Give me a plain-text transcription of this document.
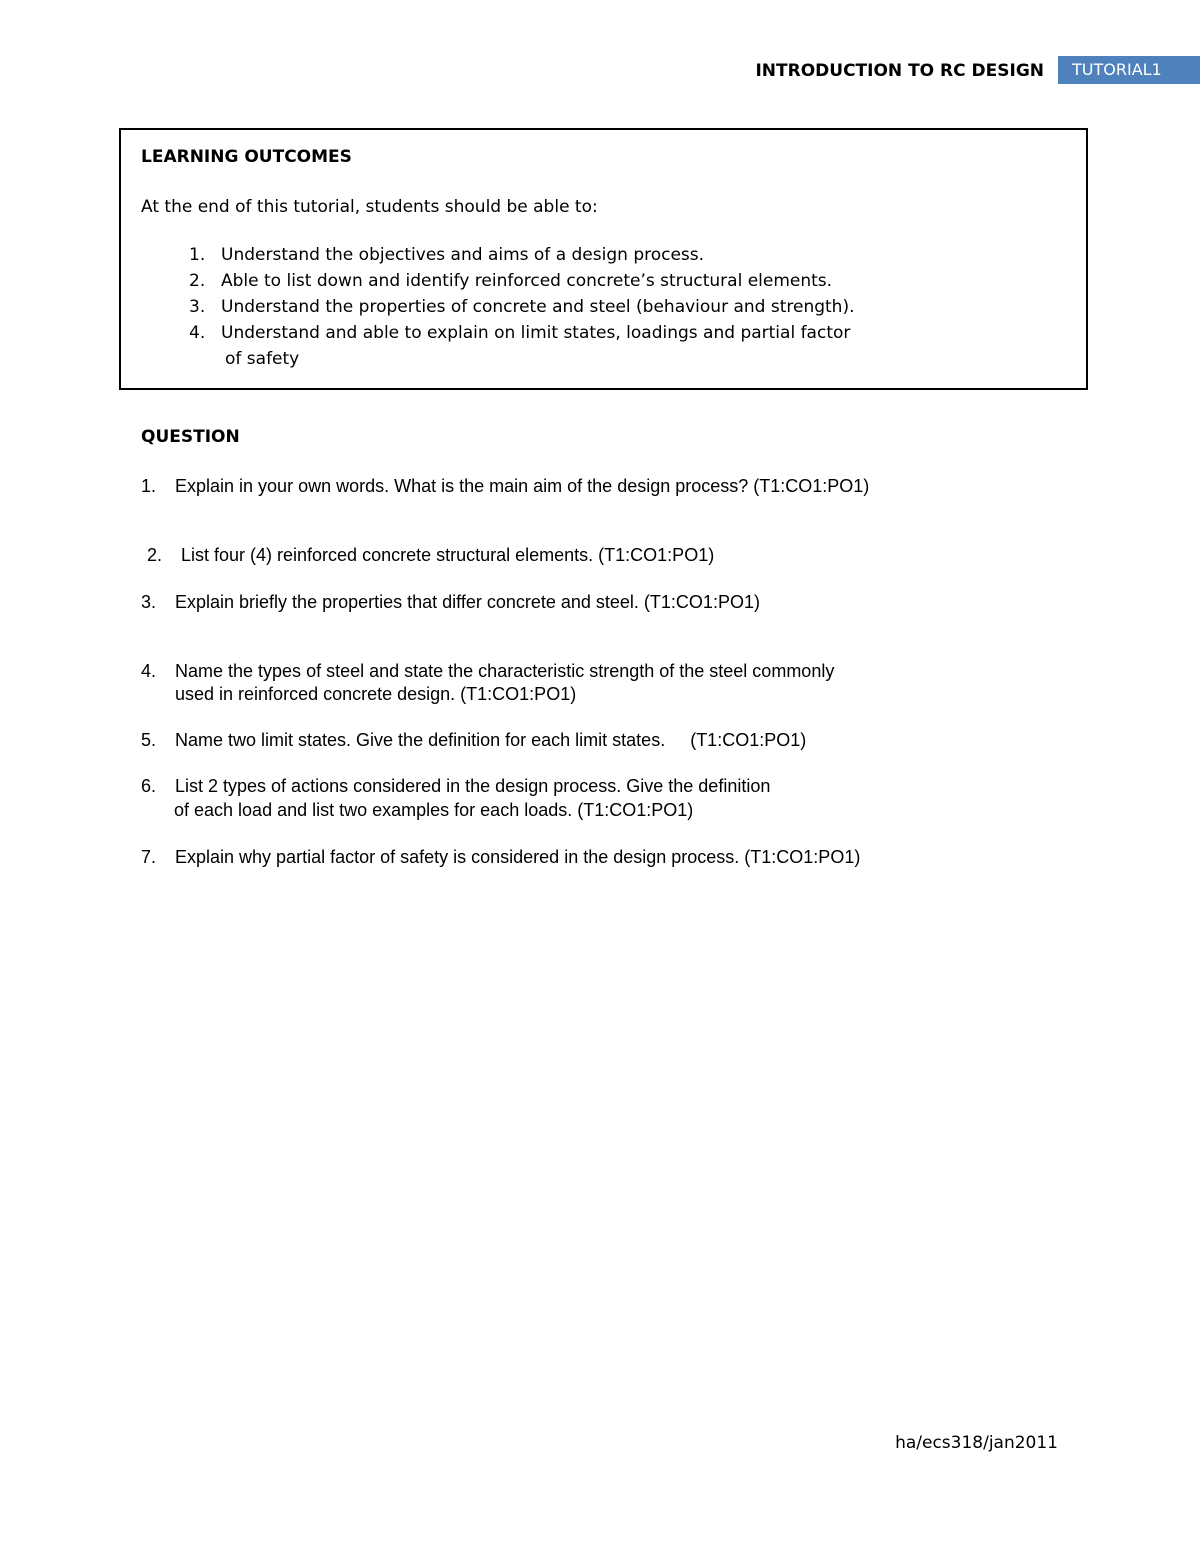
INTRODUCTION TO RC DESIGN	TUTORIAL1
LEARNING OUTCOMES
At the end of this tutorial, students should be able to:
1. Understand the objectives and aims of a design process.
2. Able to list down and identify reinforced concrete’s structural elements.
3. Understand the properties of concrete and steel (behaviour and strength).
4. Understand and able to explain on limit states, loadings and partial factor
of safety
QUESTION
1. Explain in your own words. What is the main aim of the design process? (T1:CO1:PO1)
2. List four (4) reinforced concrete structural elements. (T1:CO1:PO1)
3. Explain briefly the properties that differ concrete and steel. (T1:CO1:PO1)
4. Name the types of steel and state the characteristic strength of the steel commonly
used in reinforced concrete design. (T1:CO1:PO1)
5. Name two limit states. Give the definition for each limit states.     (T1:CO1:PO1)
6. List 2 types of actions considered in the design process. Give the definition
of each load and list two examples for each loads. (T1:CO1:PO1)
7. Explain why partial factor of safety is considered in the design process. (T1:CO1:PO1)
ha/ecs318/jan2011
